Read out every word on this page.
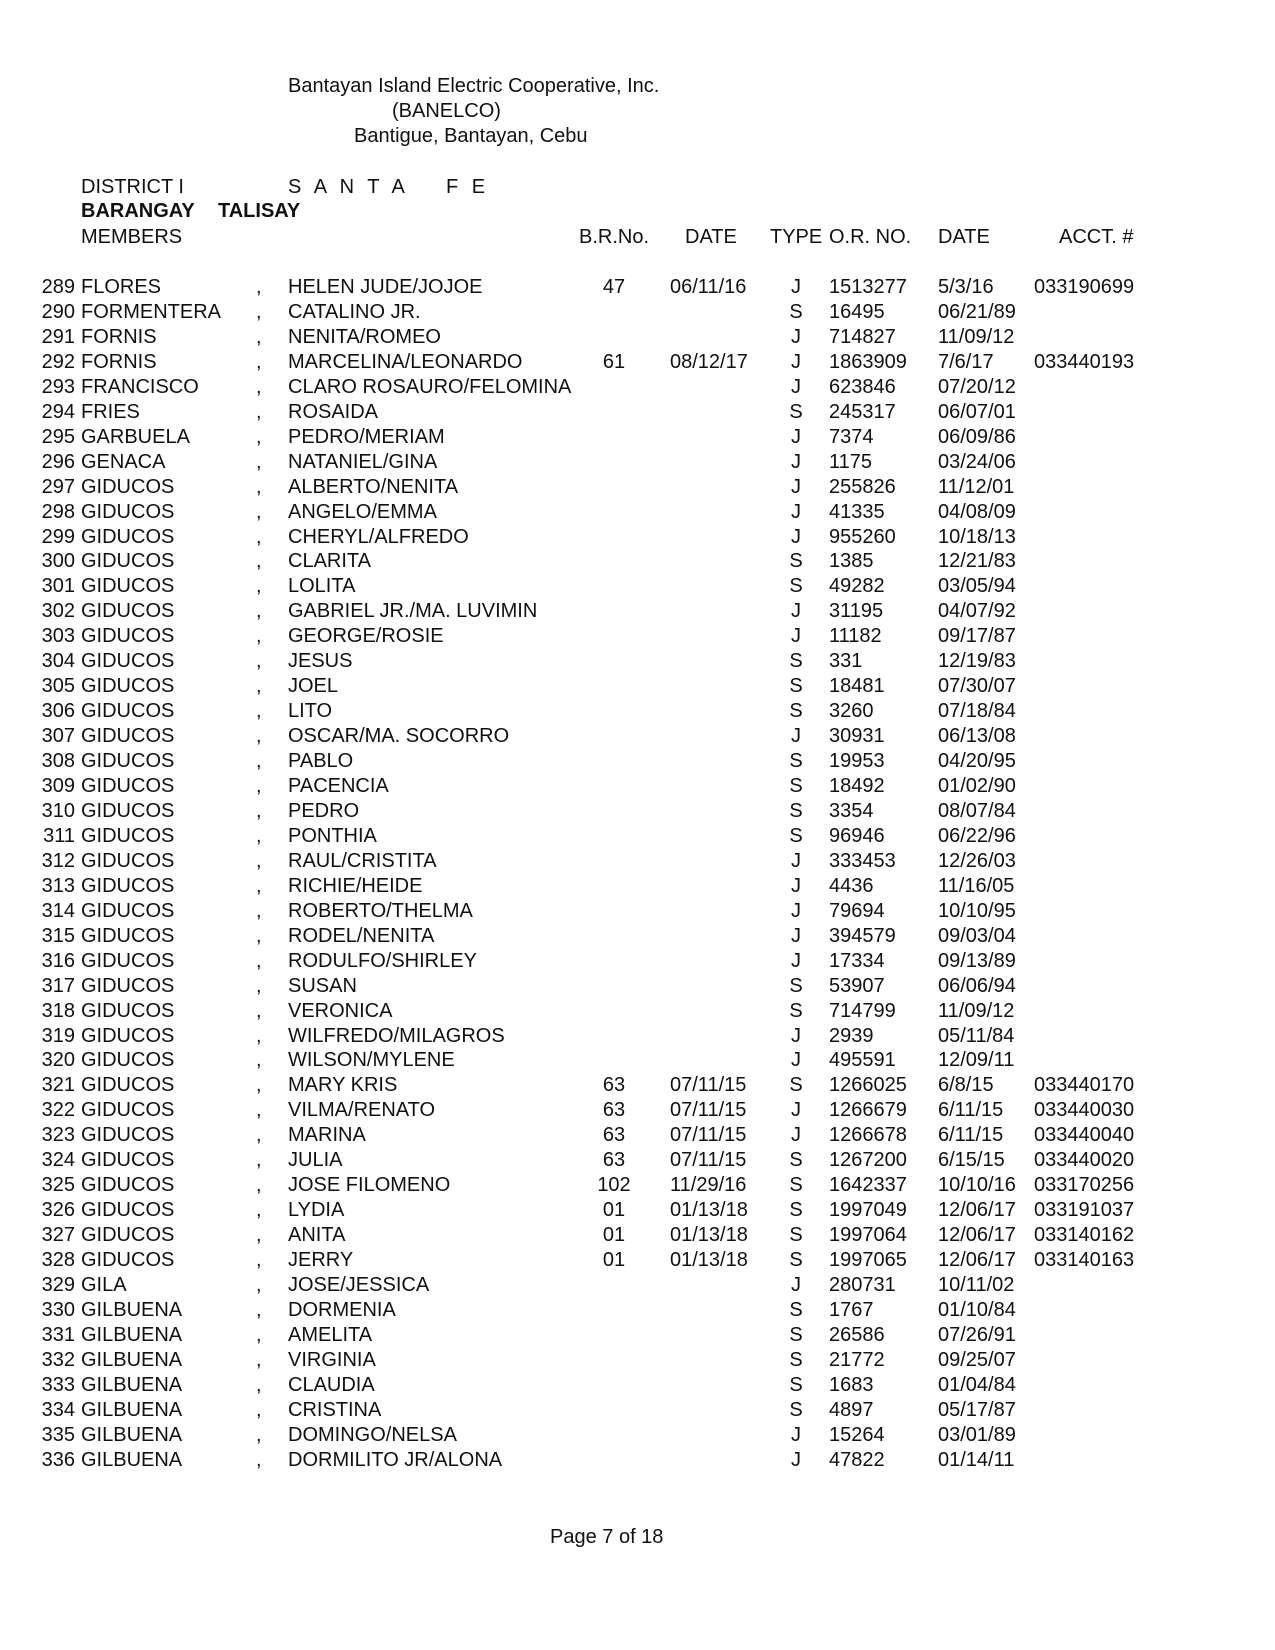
Bantayan Island Electric Cooperative, Inc.
(BANELCO)
Bantigue, Bantayan, Cebu
DISTRICT I	S A N T A    F E
BARANGAY TALISAY
MEMBERS	B.R.No. DATE TYPE O.R. NO. DATE	ACCT. #
289 FLORES	, HELEN JUDE/JOJOE	47	06/11/16	J	1513277	5/3/16	033190699
290 FORMENTERA	, CATALINO JR.	S 16495	06/21/89
291 FORNIS	, NENITA/ROMEO	J	714827	11/09/12
292 FORNIS	, MARCELINA/LEONARDO	61	08/12/17	J	1863909	7/6/17	033440193
293 FRANCISCO	, CLARO ROSAURO/FELOMINA	J	623846	07/20/12
294 FRIES	, ROSAIDA	S 245317	06/07/01
295 GARBUELA	, PEDRO/MERIAM	J	7374	06/09/86
296 GENACA	, NATANIEL/GINA	J	1175	03/24/06
297 GIDUCOS	, ALBERTO/NENITA	J	255826	11/12/01
298 GIDUCOS	, ANGELO/EMMA	J	41335	04/08/09
299 GIDUCOS	, CHERYL/ALFREDO	J	955260	10/18/13
300 GIDUCOS	, CLARITA	S 1385	12/21/83
301 GIDUCOS	, LOLITA	S 49282	03/05/94
302 GIDUCOS	, GABRIEL JR./MA. LUVIMIN	J	31195	04/07/92
303 GIDUCOS	, GEORGE/ROSIE	J	11182	09/17/87
304 GIDUCOS	, JESUS	S 331	12/19/83
305 GIDUCOS	, JOEL	S 18481	07/30/07
306 GIDUCOS	, LITO	S 3260	07/18/84
307 GIDUCOS	, OSCAR/MA. SOCORRO	J	30931	06/13/08
308 GIDUCOS	, PABLO	S 19953	04/20/95
309 GIDUCOS	, PACENCIA	S 18492	01/02/90
310 GIDUCOS	, PEDRO	S 3354	08/07/84
311 GIDUCOS	, PONTHIA	S 96946	06/22/96
312 GIDUCOS	, RAUL/CRISTITA	J	333453	12/26/03
313 GIDUCOS	, RICHIE/HEIDE	J	4436	11/16/05
314 GIDUCOS	, ROBERTO/THELMA	J	79694	10/10/95
315 GIDUCOS	, RODEL/NENITA	J	394579	09/03/04
316 GIDUCOS	, RODULFO/SHIRLEY	J	17334	09/13/89
317 GIDUCOS	, SUSAN	S 53907	06/06/94
318 GIDUCOS	, VERONICA	S 714799	11/09/12
319 GIDUCOS	, WILFREDO/MILAGROS	J	2939	05/11/84
320 GIDUCOS	, WILSON/MYLENE	J	495591	12/09/11
321 GIDUCOS	, MARY KRIS	63	07/11/15	S 1266025	6/8/15	033440170
322 GIDUCOS	, VILMA/RENATO	63	07/11/15	J	1266679	6/11/15	033440030
323 GIDUCOS	, MARINA	63	07/11/15	J	1266678	6/11/15	033440040
324 GIDUCOS	, JULIA	63	07/11/15	S 1267200	6/15/15	033440020
325 GIDUCOS	, JOSE FILOMENO	102 11/29/16	S 1642337	10/10/16 033170256
326 GIDUCOS	, LYDIA	01	01/13/18	S 1997049	12/06/17 033191037
327 GIDUCOS	, ANITA	01	01/13/18	S 1997064	12/06/17 033140162
328 GIDUCOS	, JERRY	01	01/13/18	S 1997065	12/06/17 033140163
329 GILA	, JOSE/JESSICA	J	280731	10/11/02
330 GILBUENA	, DORMENIA	S 1767	01/10/84
331 GILBUENA	, AMELITA	S 26586	07/26/91
332 GILBUENA	, VIRGINIA	S 21772	09/25/07
333 GILBUENA	, CLAUDIA	S 1683	01/04/84
334 GILBUENA	, CRISTINA	S 4897	05/17/87
335 GILBUENA	, DOMINGO/NELSA	J	15264	03/01/89
336 GILBUENA	, DORMILITO JR/ALONA	J	47822	01/14/11
Page 7 of 18
